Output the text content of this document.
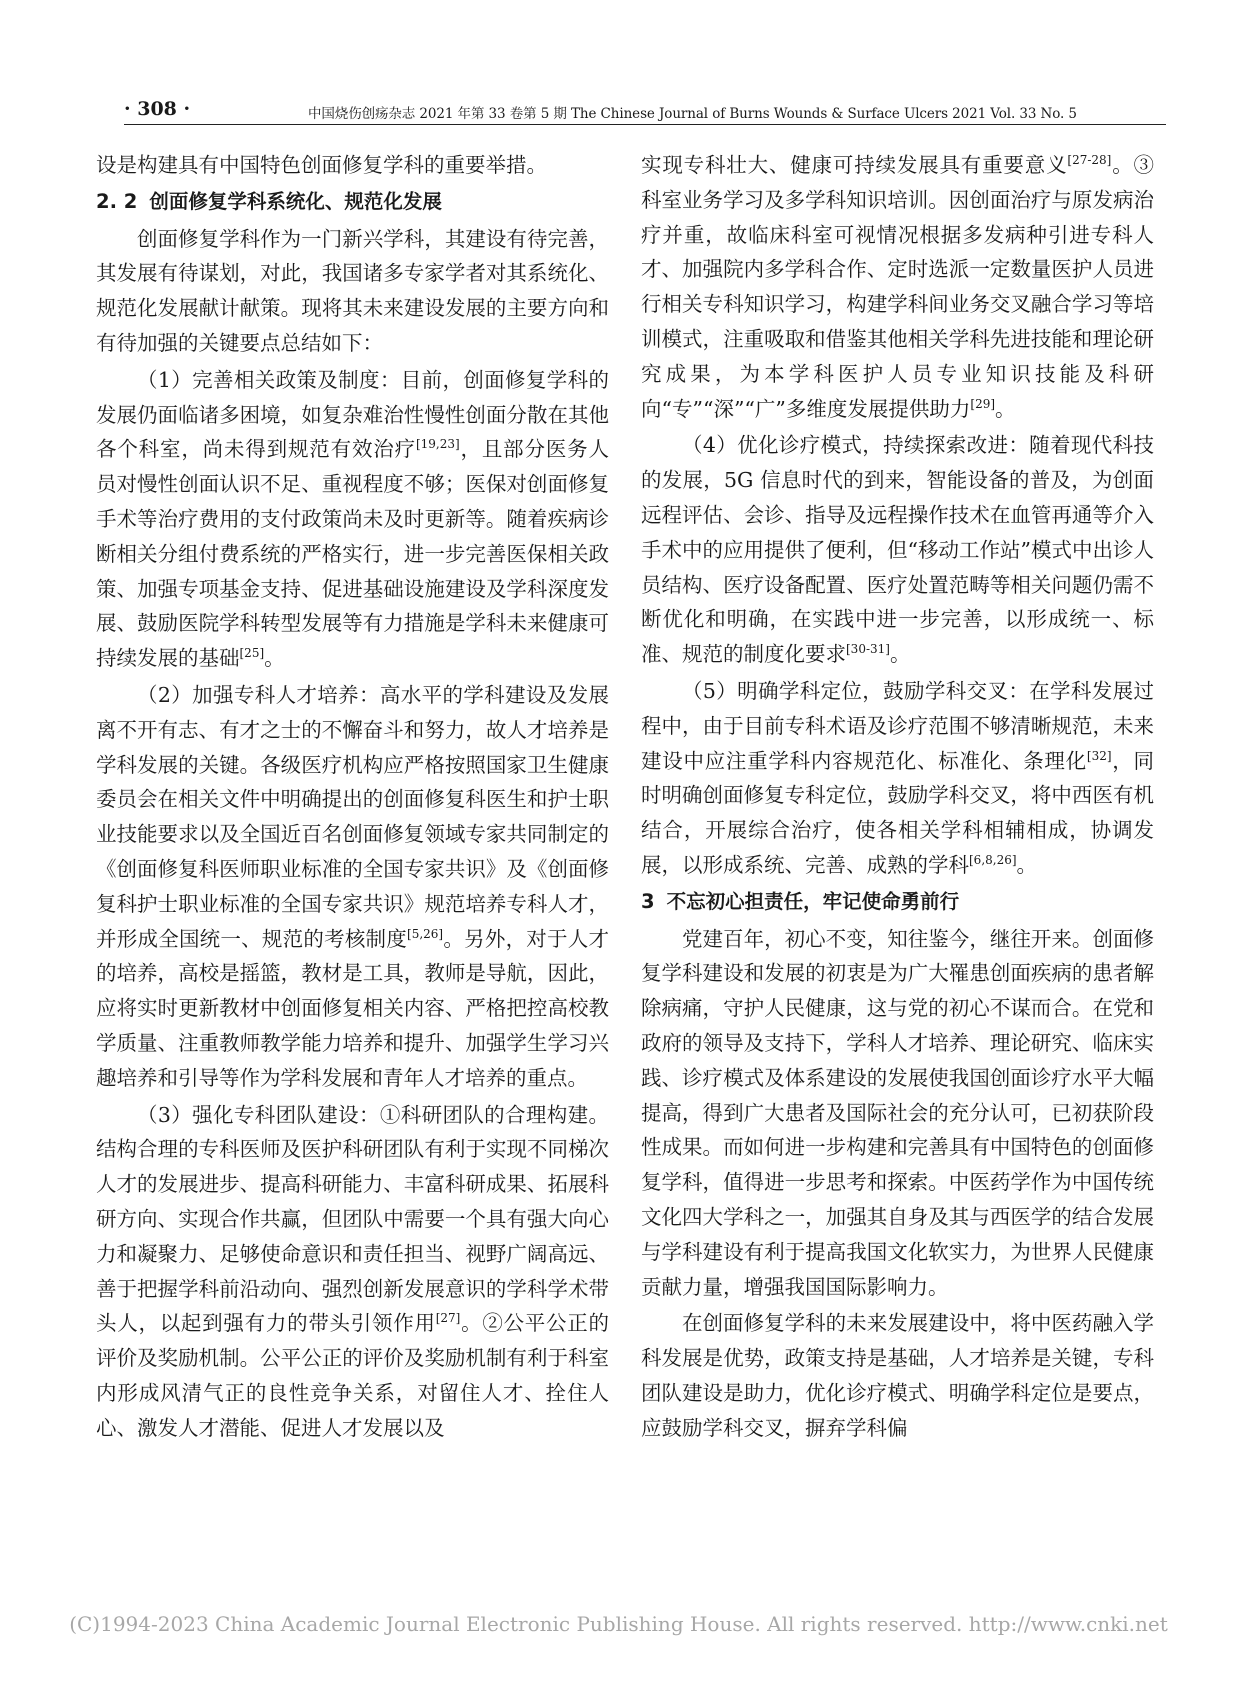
· 308 ·	中国烧伤创疡杂志 2021 年第 33 卷第 5 期 The Chinese Journal of Burns Wounds & Surface Ulcers 2021 Vol. 33 No. 5

设是构建具有中国特色创面修复学科的重要举措。

2. 2 创面修复学科系统化、规范化发展

创面修复学科作为一门新兴学科，其建设有待完善，其发展有待谋划，对此，我国诸多专家学者对其系统化、规范化发展献计献策。现将其未来建设发展的主要方向和有待加强的关键要点总结如下：

（1）完善相关政策及制度：目前，创面修复学科的发展仍面临诸多困境，如复杂难治性慢性创面分散在其他各个科室，尚未得到规范有效治疗[19,23]，且部分医务人员对慢性创面认识不足、重视程度不够；医保对创面修复手术等治疗费用的支付政策尚未及时更新等。随着疾病诊断相关分组付费系统的严格实行，进一步完善医保相关政策、加强专项基金支持、促进基础设施建设及学科深度发展、鼓励医院学科转型发展等有力措施是学科未来健康可持续发展的基础[25]。

（2）加强专科人才培养：高水平的学科建设及发展离不开有志、有才之士的不懈奋斗和努力，故人才培养是学科发展的关键。各级医疗机构应严格按照国家卫生健康委员会在相关文件中明确提出的创面修复科医生和护士职业技能要求以及全国近百名创面修复领域专家共同制定的《创面修复科医师职业标准的全国专家共识》及《创面修复科护士职业标准的全国专家共识》规范培养专科人才，并形成全国统一、规范的考核制度[5,26]。另外，对于人才的培养，高校是摇篮，教材是工具，教师是导航，因此，应将实时更新教材中创面修复相关内容、严格把控高校教学质量、注重教师教学能力培养和提升、加强学生学习兴趣培养和引导等作为学科发展和青年人才培养的重点。

（3）强化专科团队建设：①科研团队的合理构建。结构合理的专科医师及医护科研团队有利于实现不同梯次人才的发展进步、提高科研能力、丰富科研成果、拓展科研方向、实现合作共赢，但团队中需要一个具有强大向心力和凝聚力、足够使命意识和责任担当、视野广阔高远、善于把握学科前沿动向、强烈创新发展意识的学科学术带头人，以起到强有力的带头引领作用[27]。②公平公正的评价及奖励机制。公平公正的评价及奖励机制有利于科室内形成风清气正的良性竞争关系，对留住人才、拴住人心、激发人才潜能、促进人才发展以及

实现专科壮大、健康可持续发展具有重要意义[27-28]。③科室业务学习及多学科知识培训。因创面治疗与原发病治疗并重，故临床科室可视情况根据多发病种引进专科人才、加强院内多学科合作、定时选派一定数量医护人员进行相关专科知识学习，构建学科间业务交叉融合学习等培训模式，注重吸取和借鉴其他相关学科先进技能和理论研究成果，为本学科医护人员专业知识技能及科研向“专”“深”“广”多维度发展提供助力[29]。

（4）优化诊疗模式，持续探索改进：随着现代科技的发展，5G 信息时代的到来，智能设备的普及，为创面远程评估、会诊、指导及远程操作技术在血管再通等介入手术中的应用提供了便利，但“移动工作站”模式中出诊人员结构、医疗设备配置、医疗处置范畴等相关问题仍需不断优化和明确，在实践中进一步完善，以形成统一、标准、规范的制度化要求[30-31]。

（5）明确学科定位，鼓励学科交叉：在学科发展过程中，由于目前专科术语及诊疗范围不够清晰规范，未来建设中应注重学科内容规范化、标准化、条理化[32]，同时明确创面修复专科定位，鼓励学科交叉，将中西医有机结合，开展综合治疗，使各相关学科相辅相成，协调发展，以形成系统、完善、成熟的学科[6,8,26]。

3 不忘初心担责任，牢记使命勇前行

党建百年，初心不变，知往鉴今，继往开来。创面修复学科建设和发展的初衷是为广大罹患创面疾病的患者解除病痛，守护人民健康，这与党的初心不谋而合。在党和政府的领导及支持下，学科人才培养、理论研究、临床实践、诊疗模式及体系建设的发展使我国创面诊疗水平大幅提高，得到广大患者及国际社会的充分认可，已初获阶段性成果。而如何进一步构建和完善具有中国特色的创面修复学科，值得进一步思考和探索。中医药学作为中国传统文化四大学科之一，加强其自身及其与西医学的结合发展与学科建设有利于提高我国文化软实力，为世界人民健康贡献力量，增强我国国际影响力。

在创面修复学科的未来发展建设中，将中医药融入学科发展是优势，政策支持是基础，人才培养是关键，专科团队建设是助力，优化诊疗模式、明确学科定位是要点，应鼓励学科交叉，摒弃学科偏

(C)1994-2023 China Academic Journal Electronic Publishing House. All rights reserved. http://www.cnki.net
